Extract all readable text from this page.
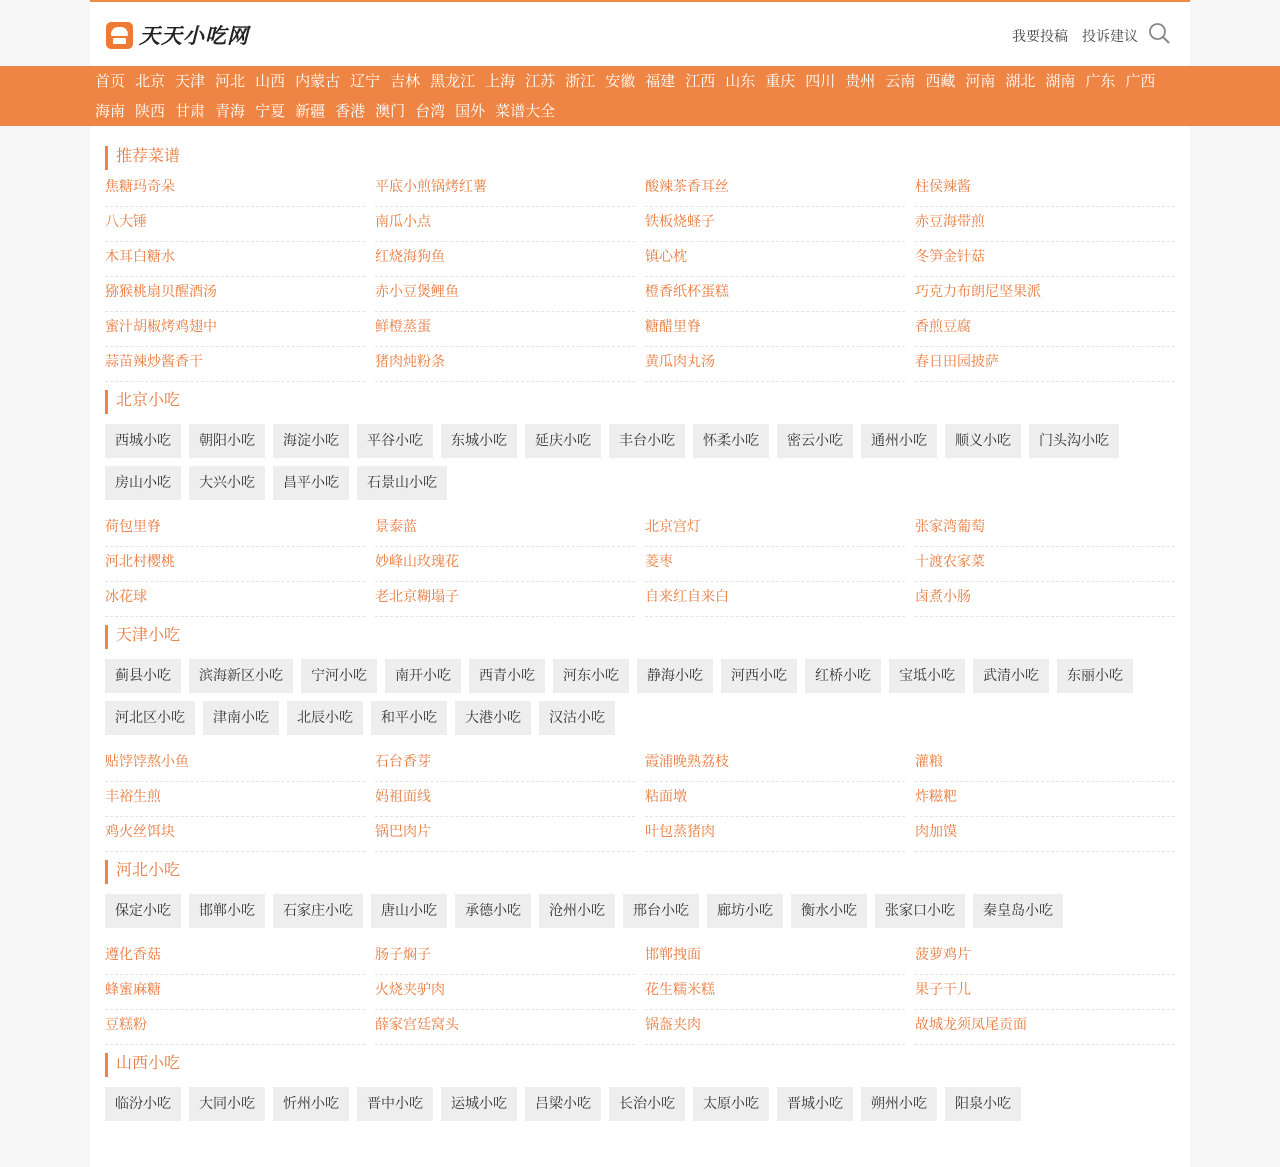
天天小吃网	我要投稿 投诉建议
首页 北京 天津 河北 山西 内蒙古 辽宁 吉林 黑龙江 上海 江苏 浙江 安徽 福建 江西 山东 重庆 四川 贵州 云南 西藏 河南 湖北 湖南 广东 广西
海南 陕西 甘肃 青海 宁夏 新疆 香港 澳门 台湾 国外 菜谱大全
推荐菜谱
焦糖玛奇朵	平底小煎锅烤红薯	酸辣茶香耳丝	柱侯辣酱
八大锤	南瓜小点	铁板烧蛏子	赤豆海带煎
木耳白糖水	红烧海狗鱼	镇心枕	冬笋金针菇
猕猴桃扇贝醒酒汤	赤小豆煲鲤鱼	橙香纸杯蛋糕	巧克力布朗尼坚果派
蜜汁胡椒烤鸡翅中	鲜橙蒸蛋	糖醋里脊	香煎豆腐
蒜苗辣炒酱香干	猪肉炖粉条	黄瓜肉丸汤	春日田园披萨
北京小吃
西城小吃	朝阳小吃	海淀小吃	平谷小吃	东城小吃	延庆小吃	丰台小吃	怀柔小吃	密云小吃	通州小吃	顺义小吃	门头沟小吃
房山小吃	大兴小吃	昌平小吃	石景山小吃
荷包里脊	景泰蓝	北京宫灯	张家湾葡萄
河北村樱桃	妙峰山玫瑰花	菱枣	十渡农家菜
冰花球	老北京糊塌子	自来红自来白	卤煮小肠
天津小吃
蓟县小吃	滨海新区小吃	宁河小吃	南开小吃	西青小吃	河东小吃	静海小吃	河西小吃	红桥小吃	宝坻小吃	武清小吃	东丽小吃
河北区小吃	津南小吃	北辰小吃	和平小吃	大港小吃	汉沽小吃
贴饽饽熬小鱼	石台香芽	霞浦晚熟荔枝	灌粮
丰裕生煎	妈祖面线	粘面墩	炸糍粑
鸡火丝饵块	锅巴肉片	叶包蒸猪肉	肉加馍
河北小吃
保定小吃	邯郸小吃	石家庄小吃	唐山小吃	承德小吃	沧州小吃	邢台小吃	廊坊小吃	衡水小吃	张家口小吃	秦皇岛小吃
遵化香菇	肠子焖子	邯郸拽面	菠萝鸡片
蜂蜜麻糖	火烧夹驴肉	花生糯米糕	果子干儿
豆糕粉	薛家宫廷窝头	锅盔夹肉	故城龙须凤尾贡面
山西小吃
临汾小吃	大同小吃	忻州小吃	晋中小吃	运城小吃	吕梁小吃	长治小吃	太原小吃	晋城小吃	朔州小吃	阳泉小吃
